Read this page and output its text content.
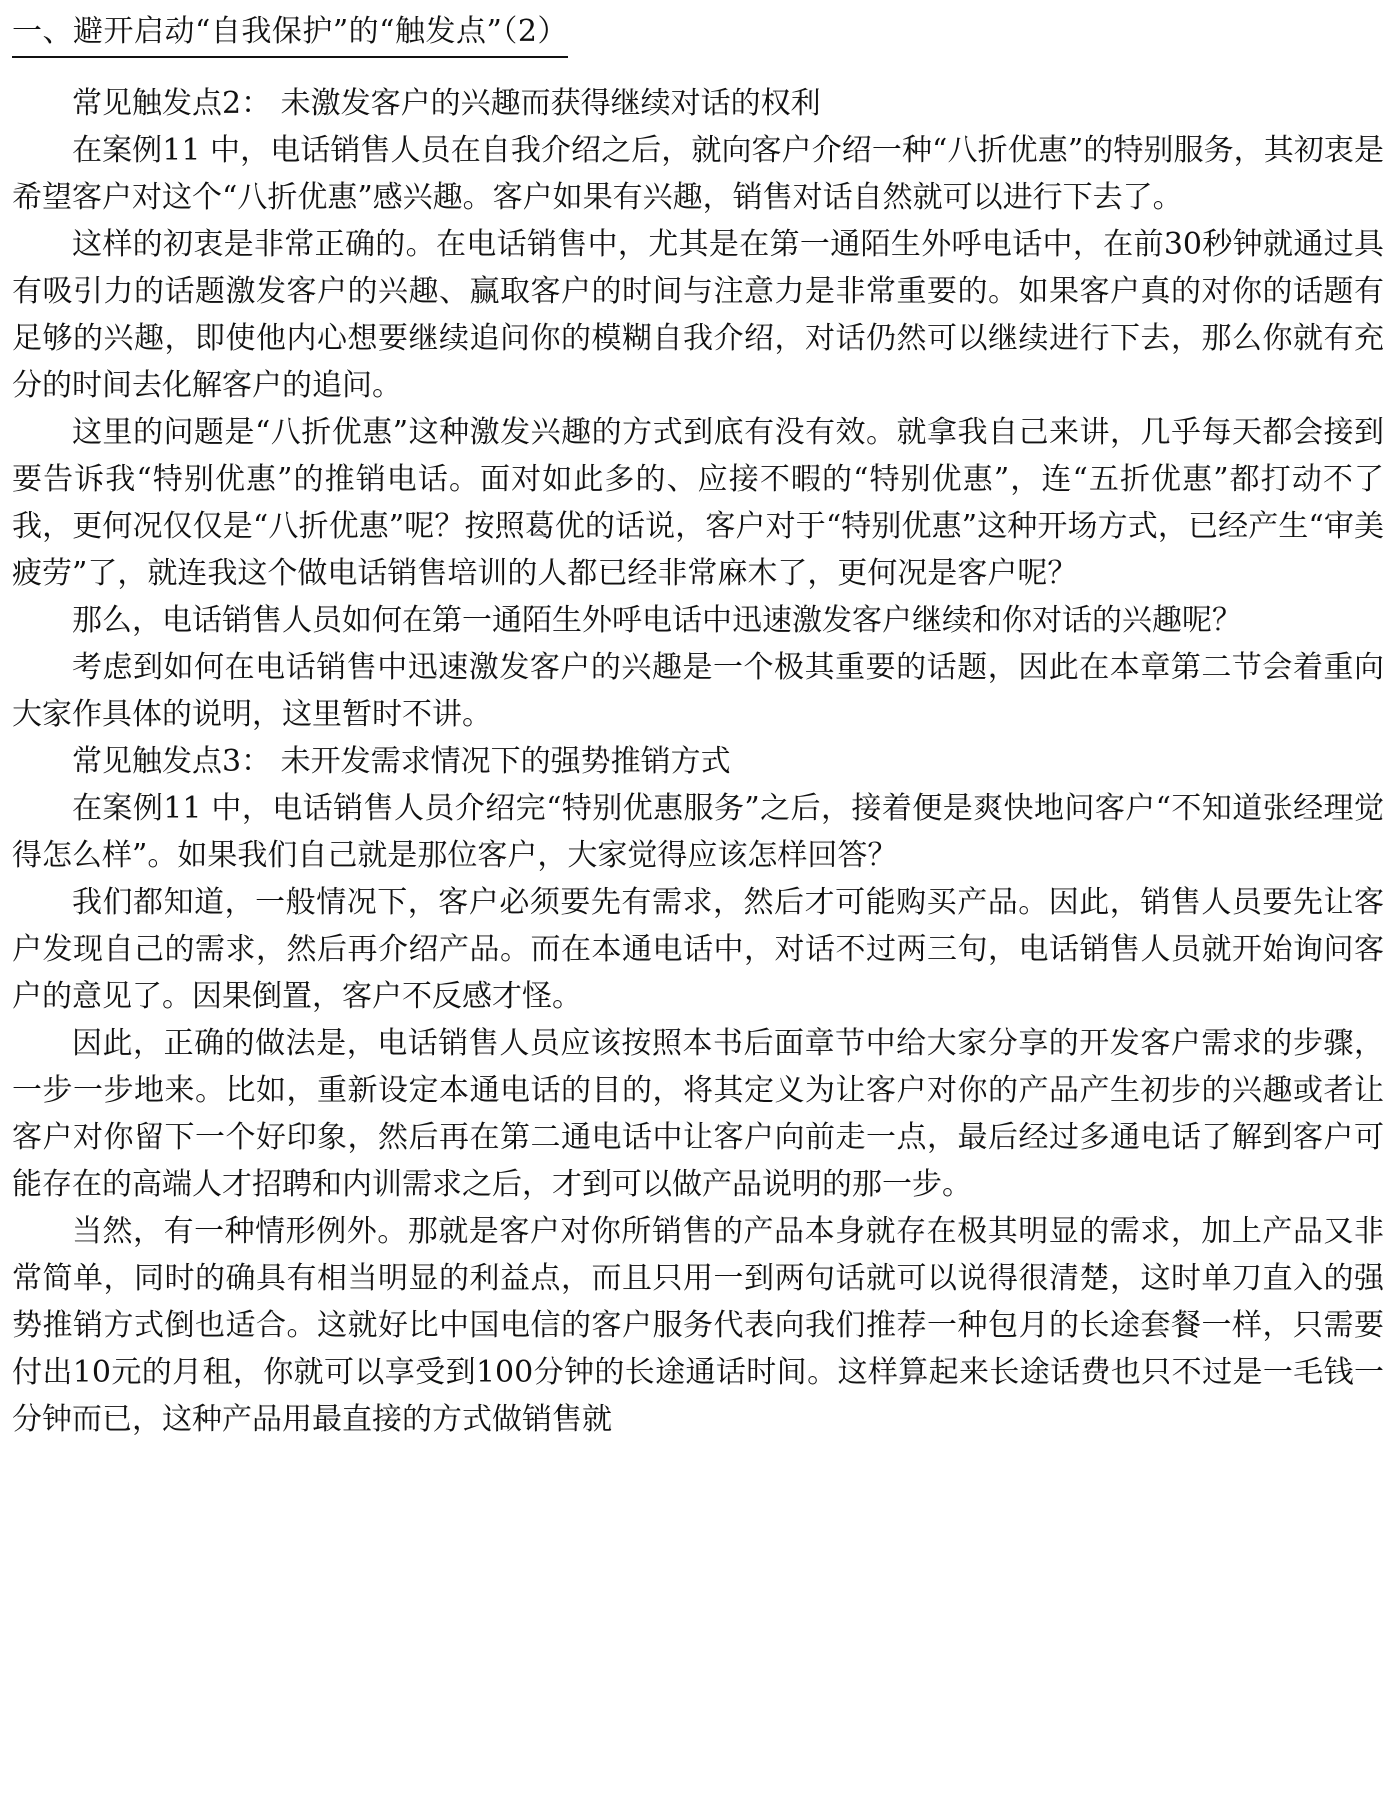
一、避开启动“自我保护”的“触发点”（2）

常见触发点2： 未激发客户的兴趣而获得继续对话的权利

在案例11 中，电话销售人员在自我介绍之后，就向客户介绍一种“八折优惠”的特别服务，其初衷是希望客户对这个“八折优惠”感兴趣。客户如果有兴趣，销售对话自然就可以进行下去了。

这样的初衷是非常正确的。在电话销售中，尤其是在第一通陌生外呼电话中，在前30秒钟就通过具有吸引力的话题激发客户的兴趣、赢取客户的时间与注意力是非常重要的。如果客户真的对你的话题有足够的兴趣，即使他内心想要继续追问你的模糊自我介绍，对话仍然可以继续进行下去，那么你就有充分的时间去化解客户的追问。

这里的问题是“八折优惠”这种激发兴趣的方式到底有没有效。就拿我自己来讲，几乎每天都会接到要告诉我“特别优惠”的推销电话。面对如此多的、应接不暇的“特别优惠”，连“五折优惠”都打动不了我，更何况仅仅是“八折优惠”呢？按照葛优的话说，客户对于“特别优惠”这种开场方式，已经产生“审美疲劳”了，就连我这个做电话销售培训的人都已经非常麻木了，更何况是客户呢？

那么，电话销售人员如何在第一通陌生外呼电话中迅速激发客户继续和你对话的兴趣呢？

考虑到如何在电话销售中迅速激发客户的兴趣是一个极其重要的话题，因此在本章第二节会着重向大家作具体的说明，这里暂时不讲。

常见触发点3： 未开发需求情况下的强势推销方式

在案例11 中，电话销售人员介绍完“特别优惠服务”之后，接着便是爽快地问客户“不知道张经理觉得怎么样”。如果我们自己就是那位客户，大家觉得应该怎样回答？

我们都知道，一般情况下，客户必须要先有需求，然后才可能购买产品。因此，销售人员要先让客户发现自己的需求，然后再介绍产品。而在本通电话中，对话不过两三句，电话销售人员就开始询问客户的意见了。因果倒置，客户不反感才怪。

因此，正确的做法是，电话销售人员应该按照本书后面章节中给大家分享的开发客户需求的步骤，一步一步地来。比如，重新设定本通电话的目的，将其定义为让客户对你的产品产生初步的兴趣或者让客户对你留下一个好印象，然后再在第二通电话中让客户向前走一点，最后经过多通电话了解到客户可能存在的高端人才招聘和内训需求之后，才到可以做产品说明的那一步。

当然，有一种情形例外。那就是客户对你所销售的产品本身就存在极其明显的需求，加上产品又非常简单，同时的确具有相当明显的利益点，而且只用一到两句话就可以说得很清楚，这时单刀直入的强势推销方式倒也适合。这就好比中国电信的客户服务代表向我们推荐一种包月的长途套餐一样，只需要付出10元的月租，你就可以享受到100分钟的长途通话时间。这样算起来长途话费也只不过是一毛钱一分钟而已，这种产品用最直接的方式做销售就
